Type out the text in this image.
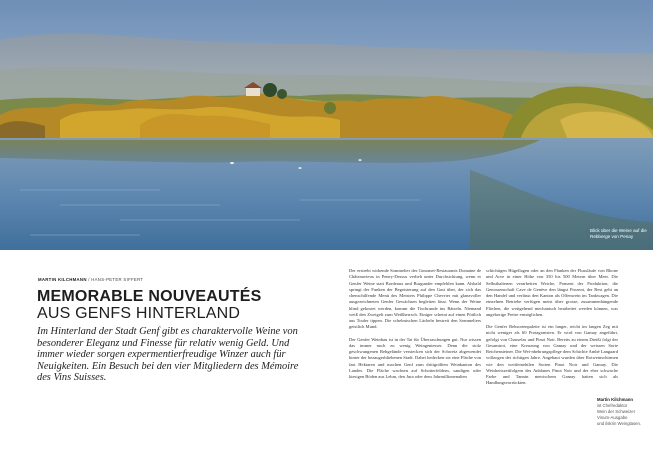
Blick über die Weine auf die Rebberge von Penay
MARTIN KILCHMANN / HANS-PETER SIFFERT
MEMORABLE NOUVEAUTÉS
AUS GENFS HINTERLAND
Im Hinterland der Stadt Genf gibt es charaktervolle Weine von besonderer Eleganz und Finesse für relativ wenig Geld. Und immer wieder sorgen expermentierfreudige Winzer auch für Neuigkeiten. Ein Besuch bei den vier Mitgliedern des Mémoire des Vins Suisses.

Der erstrebt wirkende Sommelier des Gourmet-Restaurants Domaine de Châteauvieux in Peney-Dessus verlieh unter Durchsichtung, wenn er Genfer Weine statt Bordeaux und Burgunder empfehlen kann. Alsbald springt der Funken der Begeisterung auf den Gast über, der sich das chenschilfende Menü des Meisters Philippe Chevrier mit glanzvoller ausgezeichneten Genfer Gewächsen begleiten lässt. Wenn der Weine blind gekostet werden, kommt die Tischrunde ins Rätseln. Niemand weiß den Zweigelt zum Weißherrsch. Einiger scheint auf einen Pöttlich aus Touler tippen. Die schelmischen Lächeln bestreit den Sommeliers geistlich Mund.

Der Genfer Weinbau ist in der Tat für Überraschungen gut. Nur wissen das immer noch zu wenig Weingeniesser. Denn die stolz geschwungenen Rebgelände verstecken sich der Schweiz abgewendet hinter der bezaugerbliebenen Stadt. Dabei bedecken sie eine Fläche von fast Hektaren und machen Genf zum drittgrößten Weinkanton des Landes. Die Fläche wachsen auf Schotterfeldern, sandigen oder kiesigen Böden aus Lehm, den Jura oder dem Jahrmillionenalten

schichtigen Hügellagen oder an den Flanken der Flussläufe von Rhone und Arve in einer Höhe von 350 bis 500 Metern über Meer. Die Selbsthaltenen verarbeiten Weiche, Ponsent der Produktion, die Genossenschaft Cave de Genève den längst Prozent, der Rest geht an den Handel und verlässt den Kanton als Offenwein im Tankwagen. Die einzelnen Betriebe verfügen meist über grosse, zusammenhängende Flächen, die weitgehend mechanisch bearbeitet werden können, was angeborige Preise ermöglichen.

Die Genfer Rebsortenpalette ist ein langer, reicht im langen Zeg mit nicht weniger als 60 Protagonisten. Er wird von Gamay angeführt, gefolgt von Chasselas und Pinot Noir. Bereits zu einem Dreißi folgt der Gesamtrot, eine Kreuzung von Gamay und der weissen Sorte Reichensteiner. Die Wei-nbehrungspflege dem Schichte Ambé Langaard vollzogen der richtigen Jahre. Angebaut wurden über Rotweinschirmen wie den weitfeinehtlen Sorten Pinot Noir und Gamay. Die Weisheitszeitfolgern des Anblanes Pinot Noir und der eher schwache Farbe und Tannin metrischem Gamay hatten sich als Handlungsvorrückten.

Martin Kilchmann
ist Chefredaktor
Wein der Schweizer
Vinum-Ausgabe
und ilskrin Weinglasen.
